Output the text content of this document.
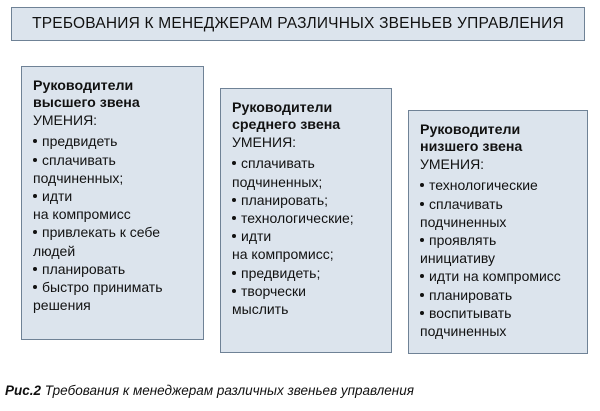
ТРЕБОВАНИЯ К МЕНЕДЖЕРАМ РАЗЛИЧНЫХ ЗВЕНЬЕВ УПРАВЛЕНИЯ
Руководители
высшего звена
УМЕНИЯ:
предвидеть
сплачивать
подчиненных;
идти
на компромисс
привлекать к себе
людей
планировать
быстро принимать
решения
Руководители
среднего звена
УМЕНИЯ:
сплачивать
подчиненных;
планировать;
технологические;
идти
на компромисс;
предвидеть;
творчески
мыслить
Руководители
низшего звена
УМЕНИЯ:
технологические
сплачивать
подчиненных
проявлять
инициативу
идти на компромисс
планировать
воспитывать
подчиненных
Рис.2 Требования к менеджерам различных звеньев управления
